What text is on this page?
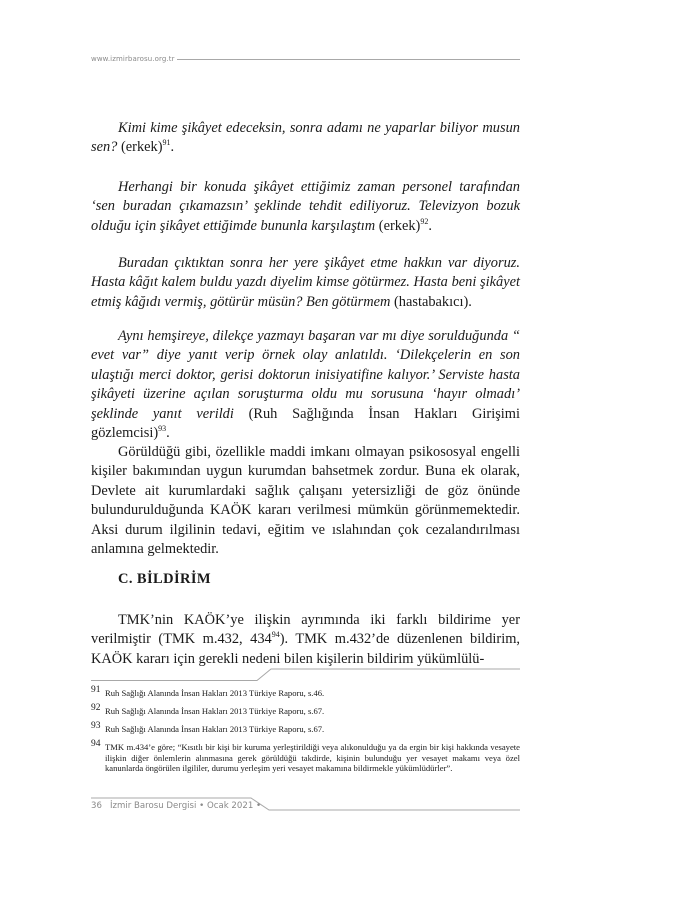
www.izmirbarosu.org.tr

Kimi kime şikâyet edeceksin, sonra adamı ne yaparlar biliyor musun sen? (erkek)$^{91}$.

Herhangi bir konuda şikâyet ettiğimiz zaman personel tarafından ‘sen buradan çıkamazsın’ şeklinde tehdit ediliyoruz. Televizyon bozuk olduğu için şikâyet ettiğimde bununla karşılaştım (erkek)$^{92}$.

Buradan çıktıktan sonra her yere şikâyet etme hakkın var diyoruz. Hasta kâğıt kalem buldu yazdı diyelim kimse götürmez. Hasta beni şikâyet etmiş kâğıdı vermiş, götürür müsün? Ben götürmem (hastabakıcı).

Aynı hemşireye, dilekçe yazmayı başaran var mı diye sorulduğunda “ evet var” diye yanıt verip örnek olay anlatıldı. ‘Dilekçelerin en son ulaştığı merci doktor, gerisi doktorun inisiyatifine kalıyor.’ Serviste hasta şikâyeti üzerine açılan soruşturma oldu mu sorusuna ‘hayır olmadı’ şeklinde yanıt verildi (Ruh Sağlığında İnsan Hakları Girişimi gözlemcisi)$^{93}$.

Görüldüğü gibi, özellikle maddi imkanı olmayan psikososyal engelli kişiler bakımından uygun kurumdan bahsetmek zordur. Buna ek olarak, Devlete ait kurumlardaki sağlık çalışanı yetersizliği de göz önünde bulundurulduğunda KAÖK kararı verilmesi mümkün görünmemektedir. Aksi durum ilgilinin tedavi, eğitim ve ıslahından çok cezalandırılması anlamına gelmektedir.

C. BİLDİRİM

TMK’nin KAÖK’ye ilişkin ayrımında iki farklı bildirime yer verilmiştir (TMK m.432, $434^{94}$). TMK m.432’de düzenlenen bildirim, KAÖK kararı için gerekli nedeni bilen kişilerin bildirim yükümlülü-

91 Ruh Sağlığı Alanında İnsan Hakları 2013 Türkiye Raporu, s.46.
92 Ruh Sağlığı Alanında İnsan Hakları 2013 Türkiye Raporu, s.67.
93 Ruh Sağlığı Alanında İnsan Hakları 2013 Türkiye Raporu, s.67.
94 TMK m.434’e göre; “Kısıtlı bir kişi bir kuruma yerleştirildiği veya alıkonulduğu ya da ergin bir kişi hakkında vesayete ilişkin diğer önlemlerin alınmasına gerek görüldüğü takdirde, kişinin bulunduğu yer vesayet makamı veya özel kanunlarda öngörülen ilgililer, durumu yerleşim yeri vesayet makamına bildirmekle yükümlüdürler”.
36 İzmir Barosu Dergisi • Ocak 2021 •
